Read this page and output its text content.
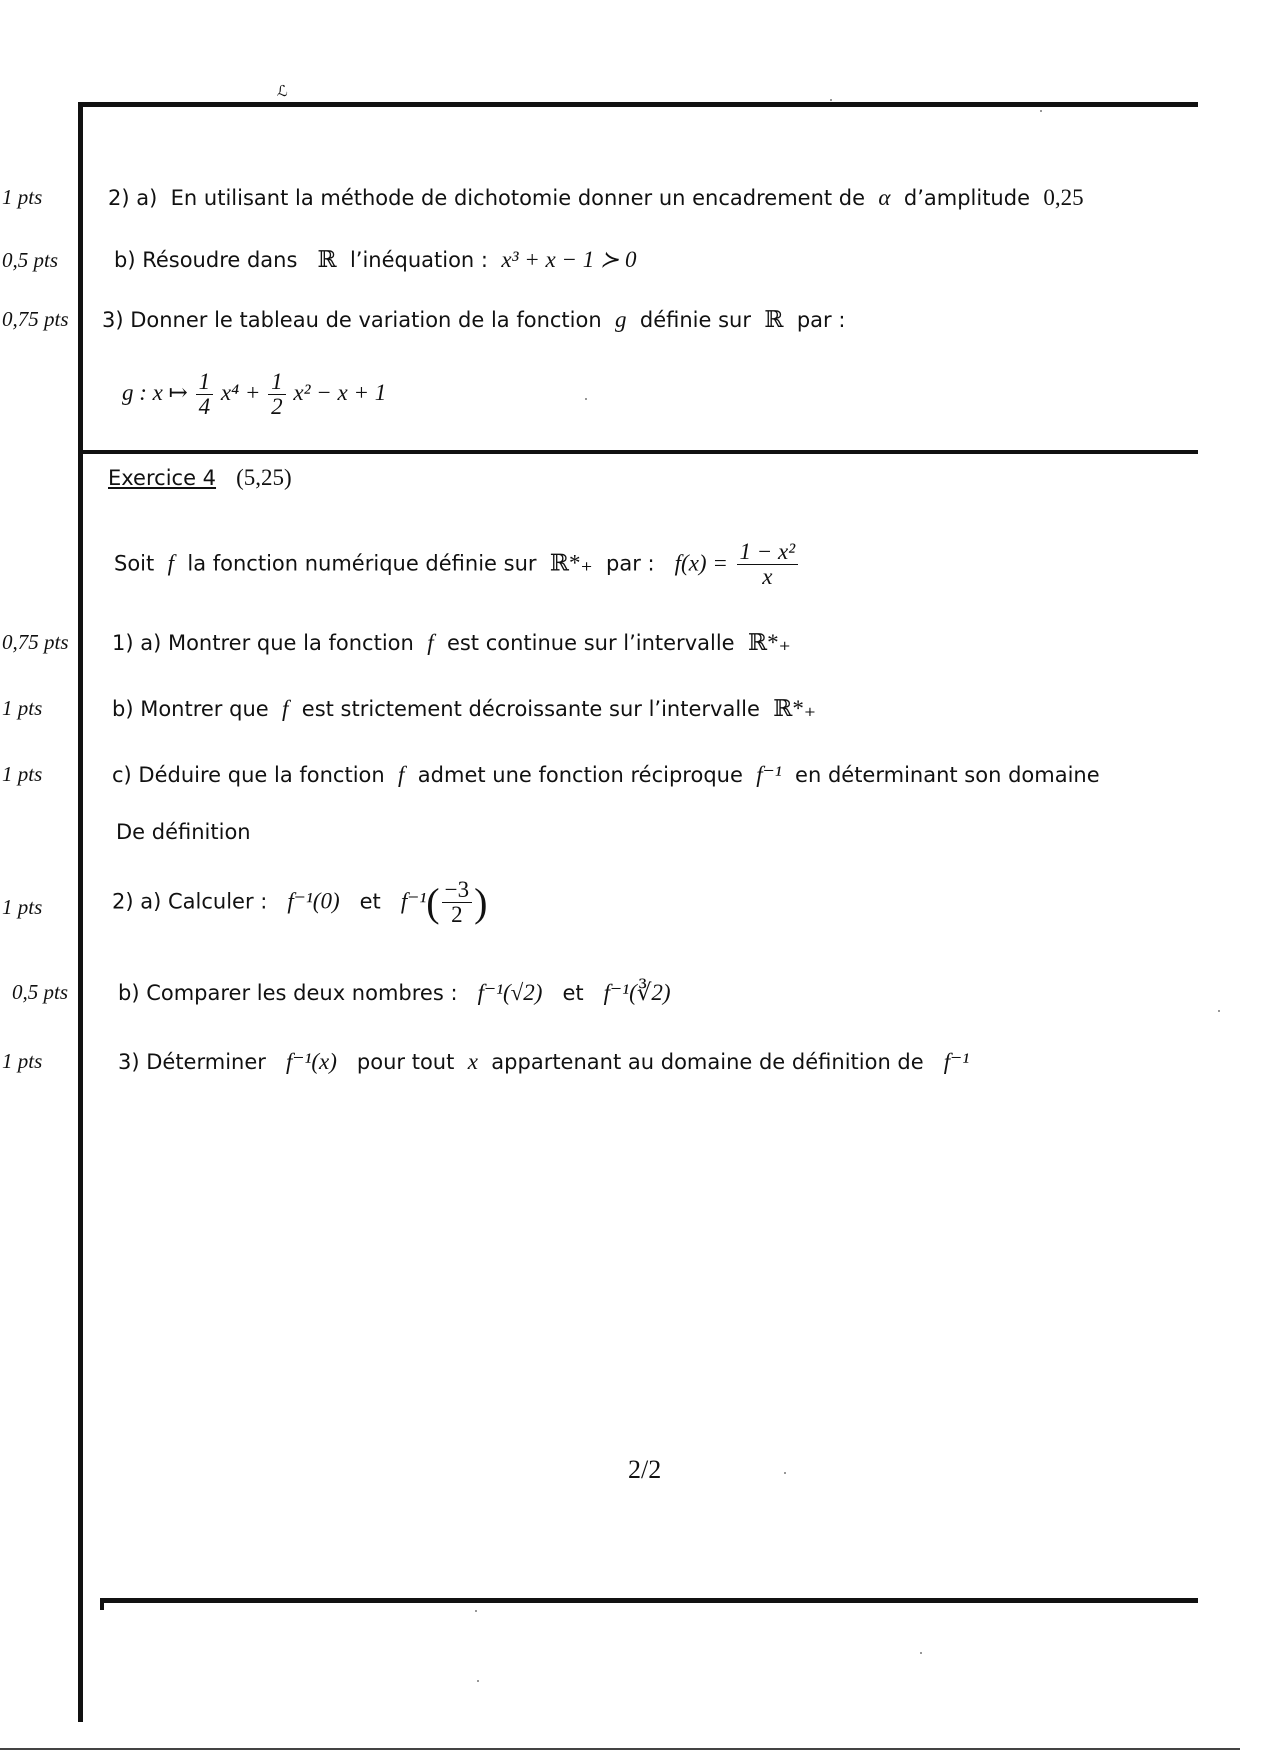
ℒ
1 pts	2) a) En utilisant la méthode de dichotomie donner un encadrement de α d’amplitude 0,25
0,5 pts	b) Résoudre dans ℝ l’inéquation : x³ + x − 1 ≻ 0
0,75 pts 3) Donner le tableau de variation de la fonction g définie sur ℝ par :
g : x ↦ $\frac{1}{4} x^4 + \frac{1}{2} x^2 - x + 1$
Exercice 4 (5,25)
Soit f la fonction numérique définie sur ℝ*₊ par : $f(x) = \frac{\text{1 − x²}}{x}$
0,75 pts 1) a) Montrer que la fonction f est continue sur l’intervalle ℝ*₊
1 pts	b) Montrer que f est strictement décroissante sur l’intervalle ℝ*₊
1 pts	c) Déduire que la fonction f admet une fonction réciproque f⁻¹ en déterminant son domaine
De définition
1 pts	2) a) Calculer : f⁻¹(0) et $f^{-1}( \frac{-3}{2}$ )
0,5 pts b) Comparer les deux nombres : f⁻¹(√2) et f⁻¹(∛2)
1 pts	3) Déterminer f⁻¹(x) pour tout x appartenant au domaine de définition de f⁻¹
2/2
